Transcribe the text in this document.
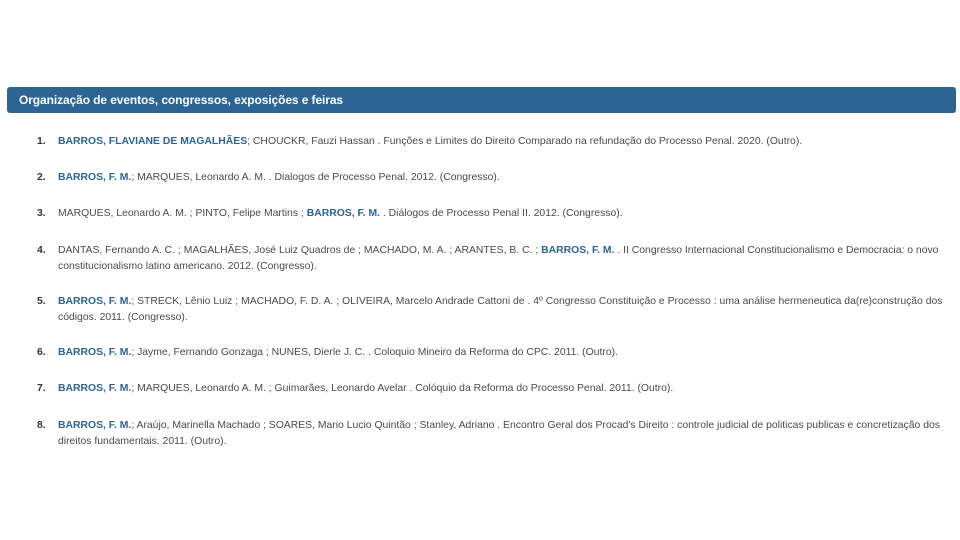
Organização de eventos, congressos, exposições e feiras
1. BARROS, FLAVIANE DE MAGALHÃES; CHOUCKR, Fauzi Hassan . Funções e Limites do Direito Comparado na refundação do Processo Penal. 2020. (Outro).
2. BARROS, F. M.; MARQUES, Leonardo A. M. . Dialogos de Processo Penal. 2012. (Congresso).
3. MARQUES, Leonardo A. M. ; PINTO, Felipe Martins ; BARROS, F. M. . Diálogos de Processo Penal II. 2012. (Congresso).
4. DANTAS, Fernando A. C. ; MAGALHÃES, José Luiz Quadros de ; MACHADO, M. A. ; ARANTES, B. C. ; BARROS, F. M. . II Congresso Internacional Constitucionalismo e Democracia: o novo constitucionalismo latino americano. 2012. (Congresso).
5. BARROS, F. M.; STRECK, Lênio Luiz ; MACHADO, F. D. A. ; OLIVEIRA, Marcelo Andrade Cattoni de . 4º Congresso Constituição e Processo : uma análise hermeneutica da(re)construção dos códigos. 2011. (Congresso).
6. BARROS, F. M.; Jayme, Fernando Gonzaga ; NUNES, Dierle J. C. . Coloquio Mineiro da Reforma do CPC. 2011. (Outro).
7. BARROS, F. M.; MARQUES, Leonardo A. M. ; Guimarães, Leonardo Avelar . Colóquio da Reforma do Processo Penal. 2011. (Outro).
8. BARROS, F. M.; Araújo, Marinella Machado ; SOARES, Mario Lucio Quintão ; Stanley, Adriano . Encontro Geral dos Procad's Direito : controle judicial de politicas publicas e concretização dos direitos fundamentais. 2011. (Outro).
